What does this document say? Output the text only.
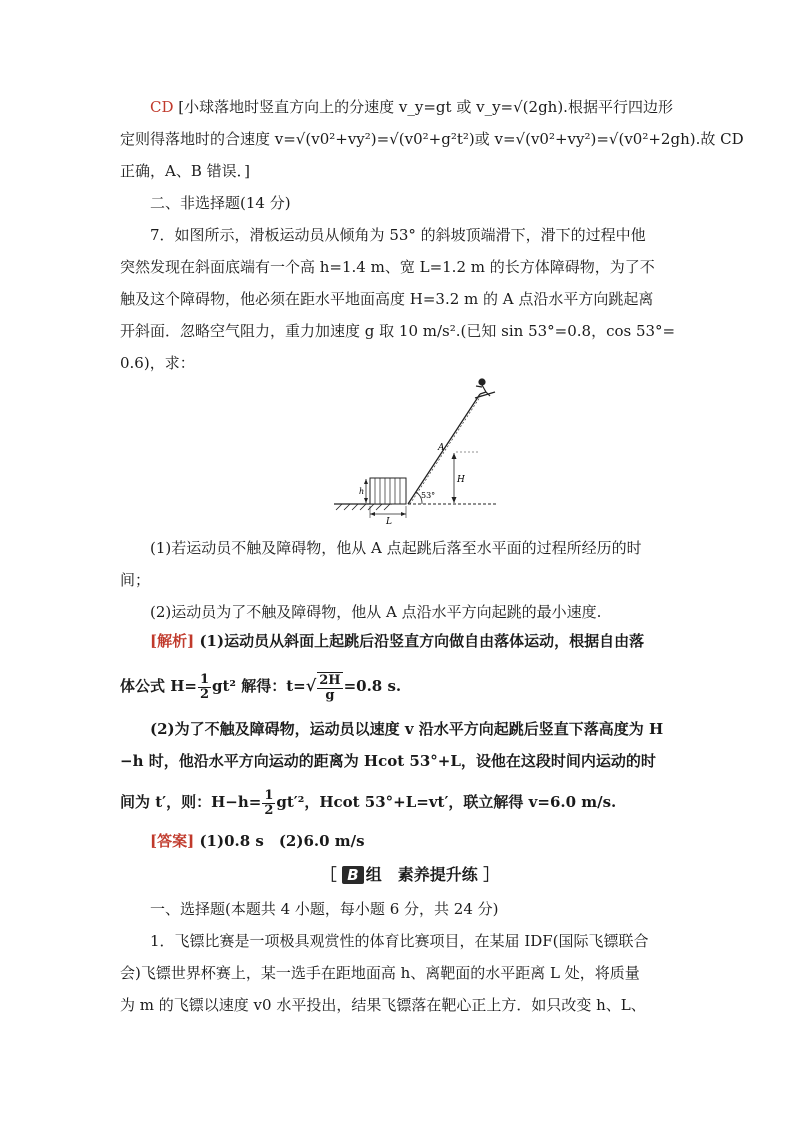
CD [小球落地时竖直方向上的分速度 v_y=gt 或 v_y=√(2gh).根据平行四边形
定则得落地时的合速度 v=√(v0²+vy²)=√(v0²+g²t²)或 v=√(v0²+vy²)=√(v0²+2gh).故 CD
正确，A、B 错误．]
二、非选择题(14 分)
7．如图所示，滑板运动员从倾角为 53° 的斜坡顶端滑下，滑下的过程中他
突然发现在斜面底端有一个高 h=1.4 m、宽 L=1.2 m 的长方体障碍物，为了不
触及这个障碍物，他必须在距水平地面高度 H=3.2 m 的 A 点沿水平方向跳起离
开斜面．忽略空气阻力，重力加速度 g 取 10 m/s².(已知 sin 53°=0.8，cos 53°=
0.6)，求：
A
H
h
L
53°
(1)若运动员不触及障碍物，他从 A 点起跳后落至水平面的过程所经历的时
间；
(2)运动员为了不触及障碍物，他从 A 点沿水平方向起跳的最小速度.
[解析] (1)运动员从斜面上起跳后沿竖直方向做自由落体运动，根据自由落
体公式 $H= \frac{1}{2} gt^2$ 解得：$t=√ \frac{2H}{g} =0.8$ s.
(2)为了不触及障碍物，运动员以速度 v 沿水平方向起跳后竖直下落高度为 H
−h 时，他沿水平方向运动的距离为 Hcot 53°+L，设他在这段时间内运动的时
间为 t′，则：$H-h= \frac{1}{2} gt'^2$，Hcot 53°+L=vt′，联立解得 v=6.0 m/s.
[答案] (1)0.8 s　(2)6.0 m/s
［ B 组　素养提升练 ］
一、选择题(本题共 4 小题，每小题 6 分，共 24 分)
1．飞镖比赛是一项极具观赏性的体育比赛项目，在某届 IDF(国际飞镖联合
会)飞镖世界杯赛上，某一选手在距地面高 h、离靶面的水平距离 L 处，将质量
为 m 的飞镖以速度 v0 水平投出，结果飞镖落在靶心正上方．如只改变 h、L、
